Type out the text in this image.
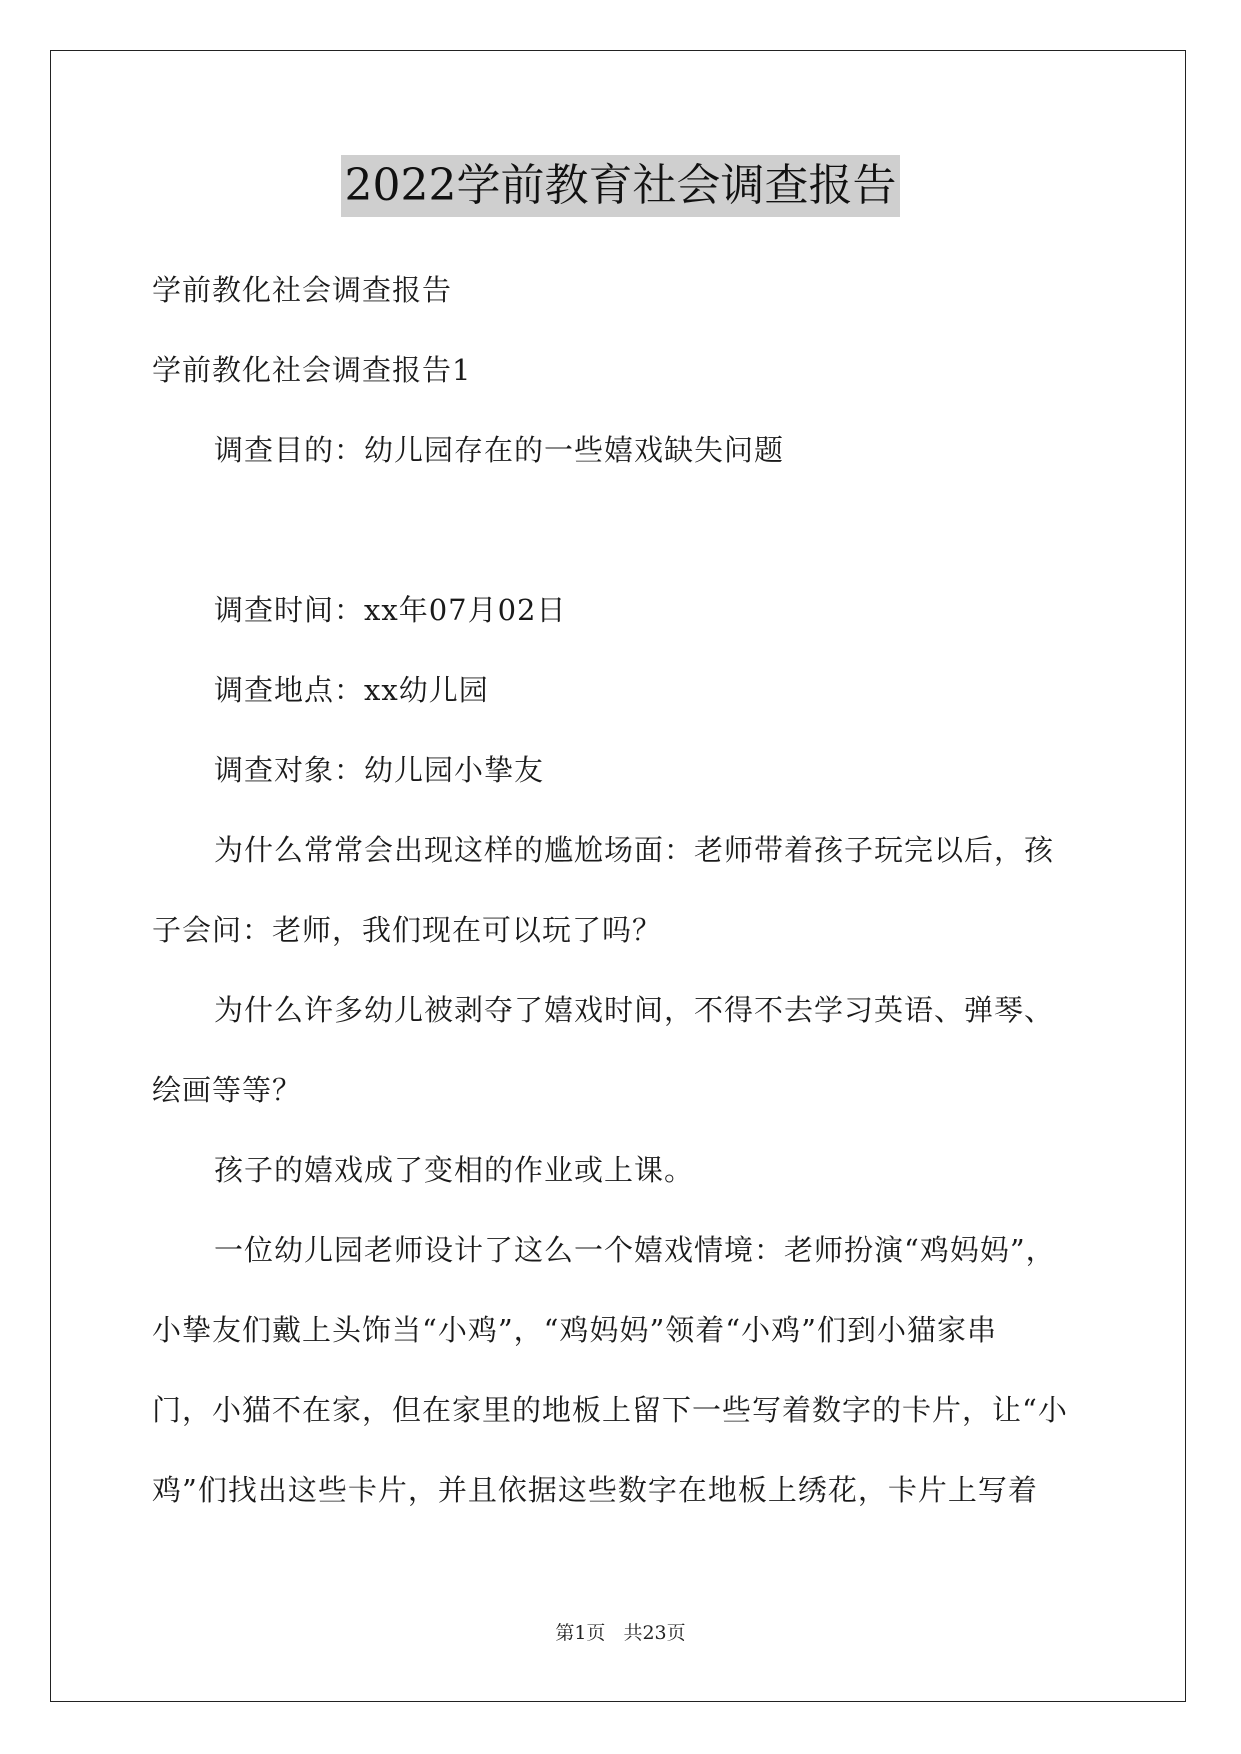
2022学前教育社会调查报告
学前教化社会调查报告
学前教化社会调查报告1
调查目的：幼儿园存在的一些嬉戏缺失问题
调查时间：xx年07月02日
调查地点：xx幼儿园
调查对象：幼儿园小挚友
为什么常常会出现这样的尴尬场面：老师带着孩子玩完以后，孩
子会问：老师，我们现在可以玩了吗？
为什么许多幼儿被剥夺了嬉戏时间，不得不去学习英语、弹琴、
绘画等等？
孩子的嬉戏成了变相的作业或上课。
一位幼儿园老师设计了这么一个嬉戏情境：老师扮演“鸡妈妈”，
小挚友们戴上头饰当“小鸡”，“鸡妈妈”领着“小鸡”们到小猫家串
门，小猫不在家，但在家里的地板上留下一些写着数字的卡片，让“小
鸡”们找出这些卡片，并且依据这些数字在地板上绣花，卡片上写着
第1页 共23页
